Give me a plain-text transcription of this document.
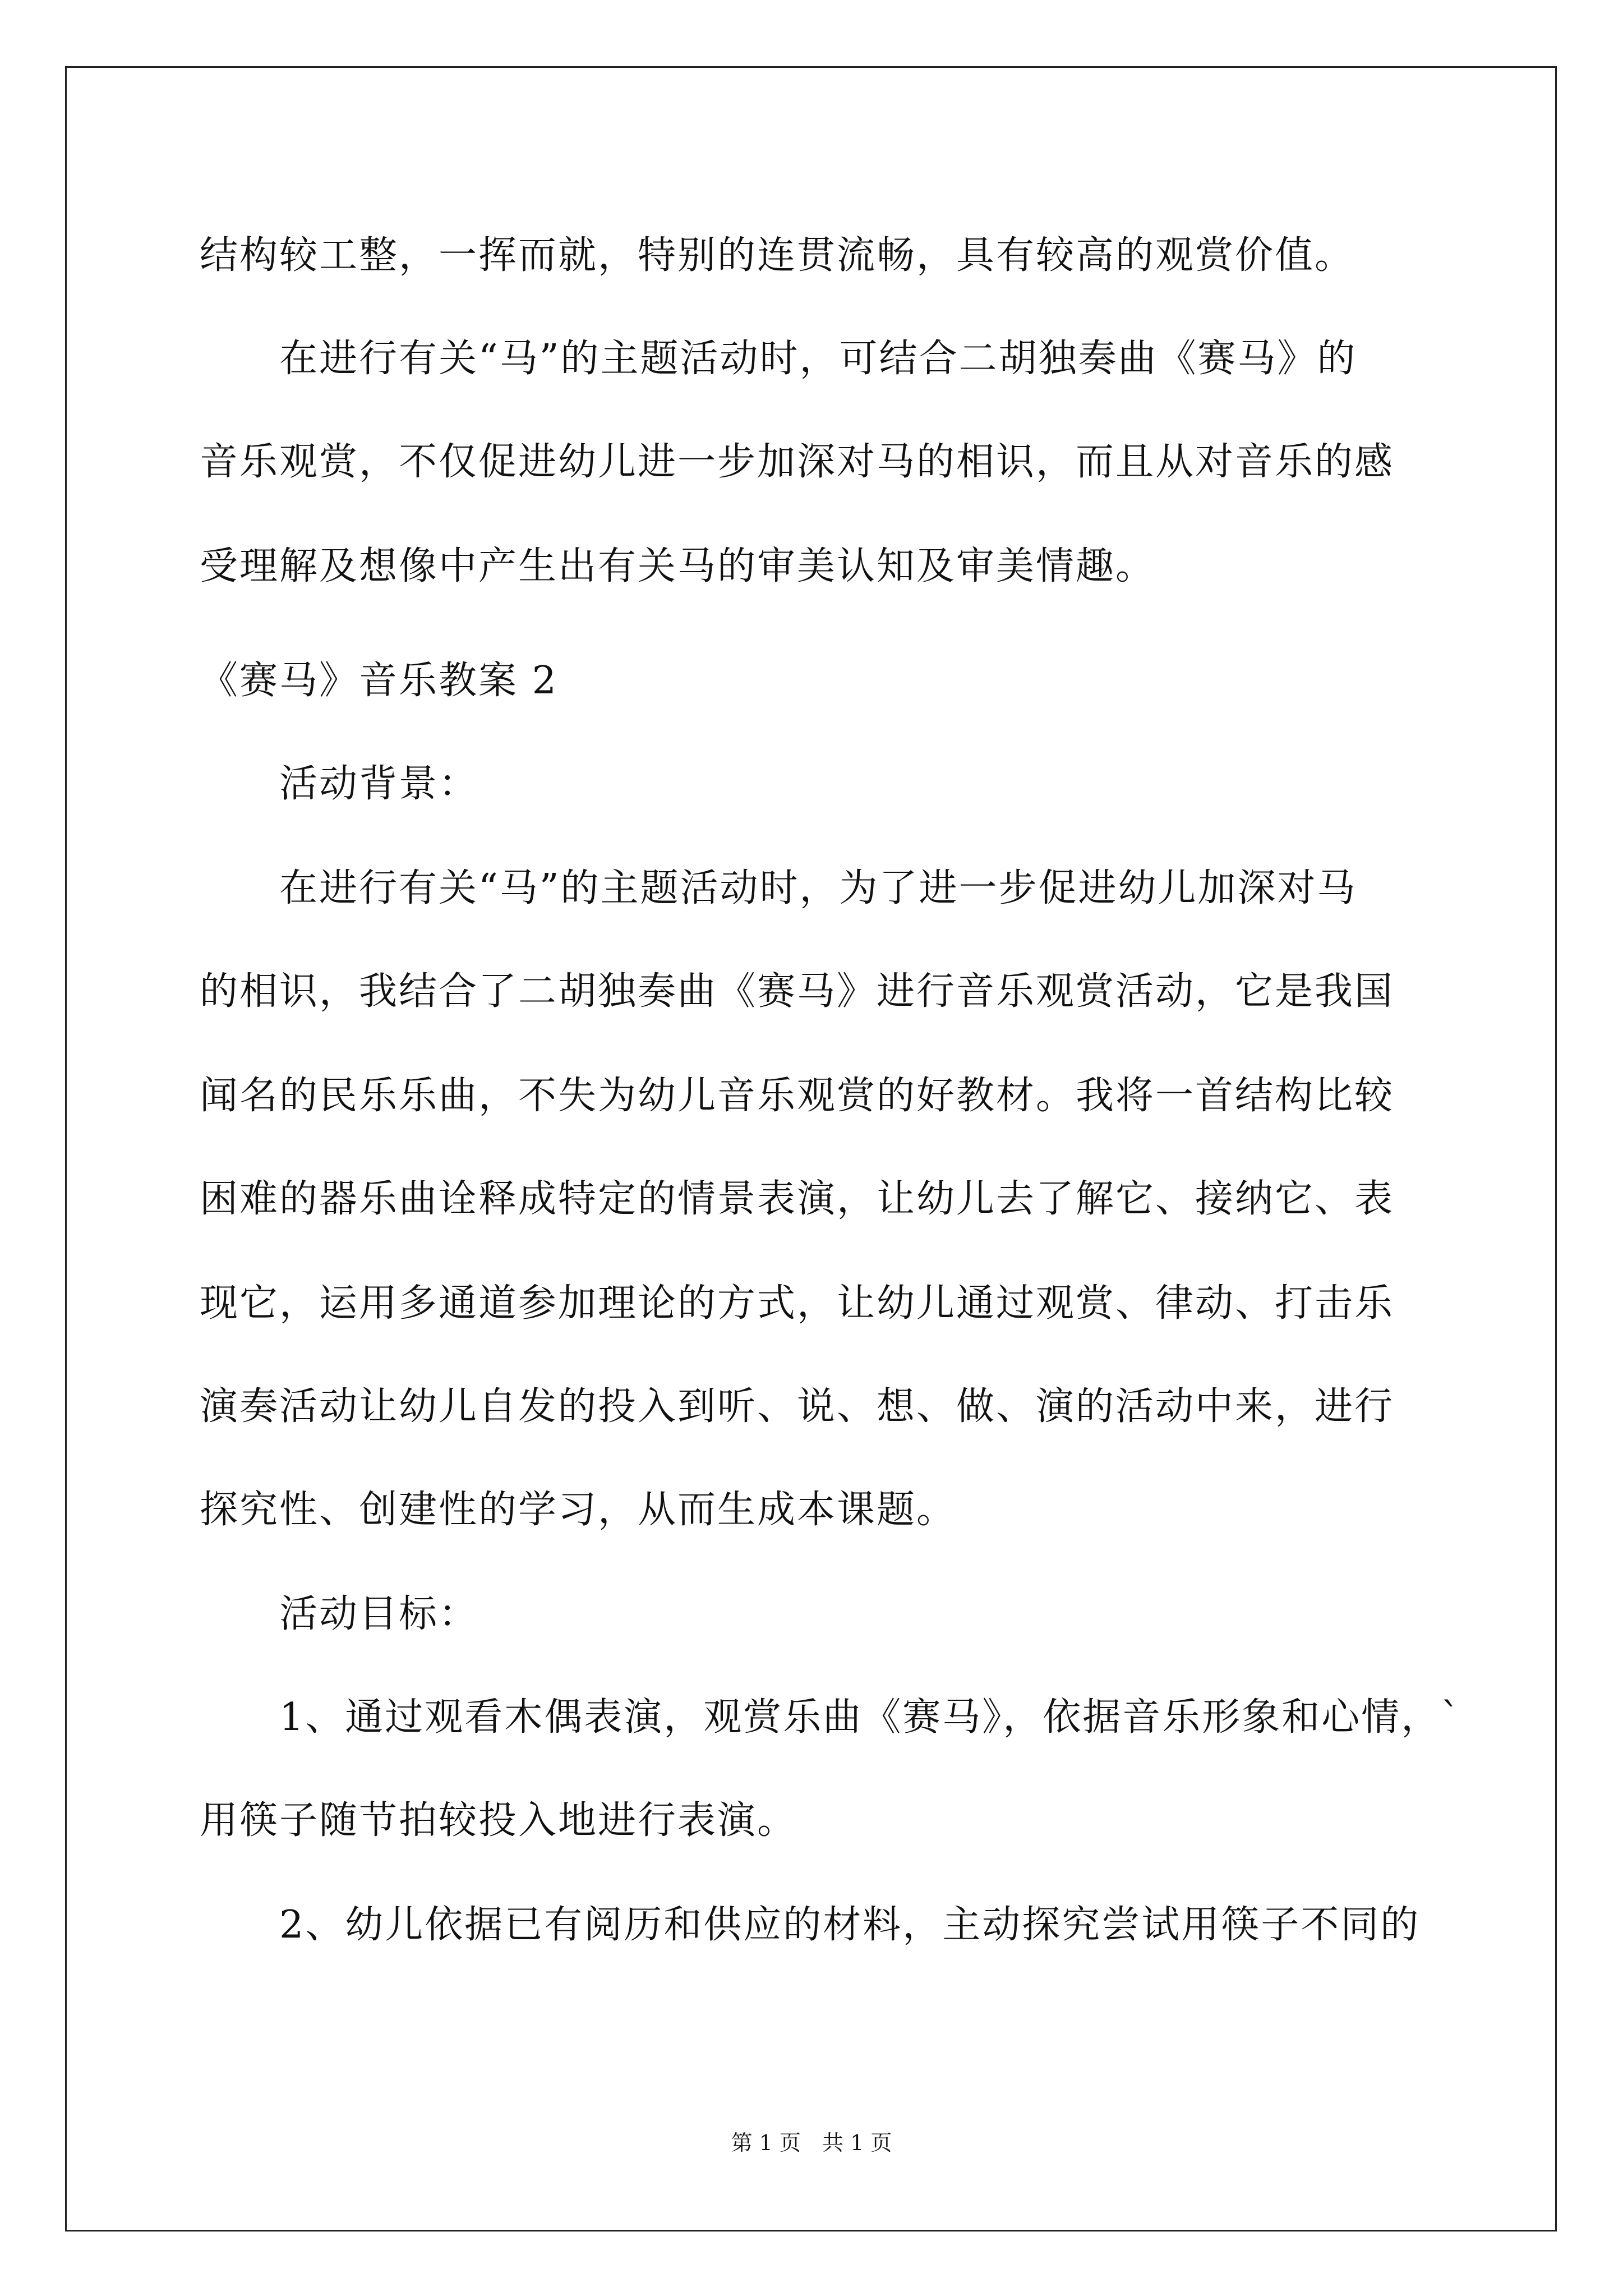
结构较工整，一挥而就，特别的连贯流畅，具有较高的观赏价值。
在进行有关“马”的主题活动时，可结合二胡独奏曲《赛马》的
音乐观赏，不仅促进幼儿进一步加深对马的相识，而且从对音乐的感
受理解及想像中产生出有关马的审美认知及审美情趣。
《赛马》音乐教案 2
活动背景：
在进行有关“马”的主题活动时，为了进一步促进幼儿加深对马
的相识，我结合了二胡独奏曲《赛马》进行音乐观赏活动，它是我国
闻名的民乐乐曲，不失为幼儿音乐观赏的好教材。我将一首结构比较
困难的器乐曲诠释成特定的情景表演，让幼儿去了解它、接纳它、表
现它，运用多通道参加理论的方式，让幼儿通过观赏、律动、打击乐
演奏活动让幼儿自发的投入到听、说、想、做、演的活动中来，进行
探究性、创建性的学习，从而生成本课题。
活动目标：
1、通过观看木偶表演，观赏乐曲《赛马》，依据音乐形象和心情，`
用筷子随节拍较投入地进行表演。
2、幼儿依据已有阅历和供应的材料，主动探究尝试用筷子不同的
第 1 页　共 1 页
